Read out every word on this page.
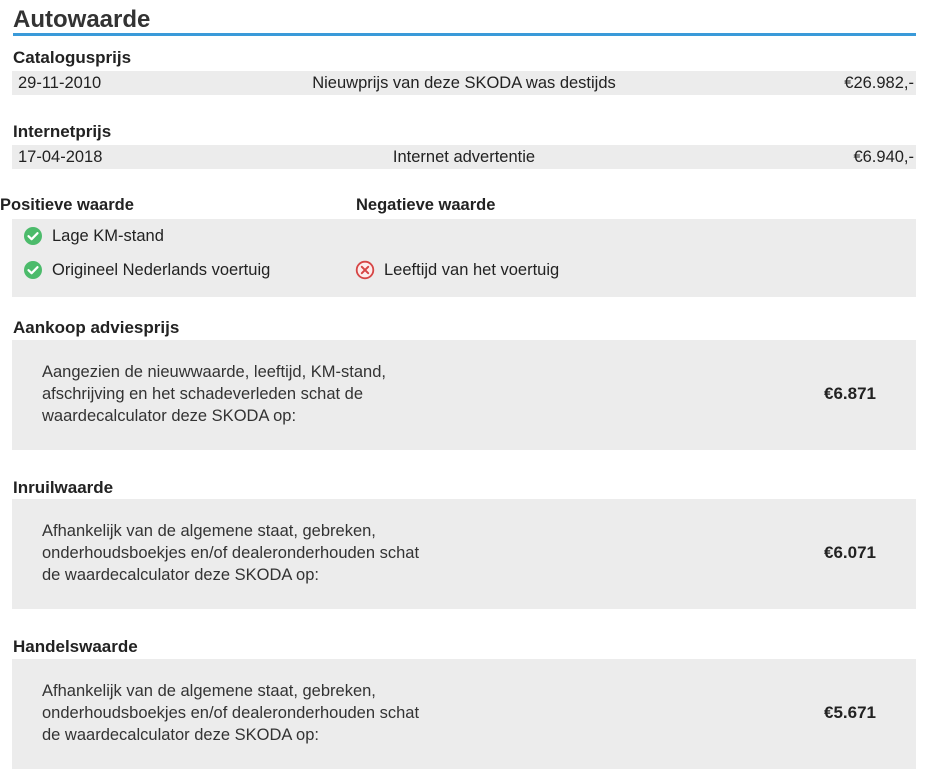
Autowaarde
Catalogusprijs
29-11-2010	Nieuwprijs van deze SKODA was destijds	€26.982,-
Internetprijs
17-04-2018	Internet advertentie	€6.940,-
Positieve waarde	Negatieve waarde
Lage KM-stand
Origineel Nederlands voertuig	Leeftijd van het voertuig
Aankoop adviesprijs
Aangezien de nieuwwaarde, leeftijd, KM-stand, afschrijving en het schadeverleden schat de waardecalculator deze SKODA op:
€6.871
Inruilwaarde
Afhankelijk van de algemene staat, gebreken, onderhoudsboekjes en/of dealeronderhouden schat de waardecalculator deze SKODA op:
€6.071
Handelswaarde
Afhankelijk van de algemene staat, gebreken, onderhoudsboekjes en/of dealeronderhouden schat de waardecalculator deze SKODA op:
€5.671
